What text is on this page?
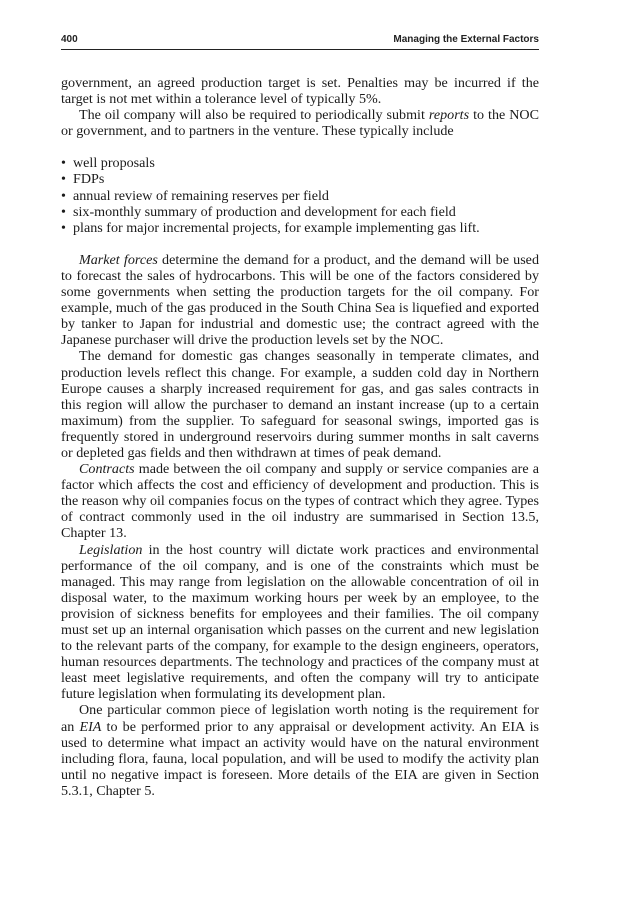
400	Managing the External Factors

government, an agreed production target is set. Penalties may be incurred if the target is not met within a tolerance level of typically 5%.

The oil company will also be required to periodically submit reports to the NOC or government, and to partners in the venture. These typically include

• well proposals
• FDPs
• annual review of remaining reserves per field
• six-monthly summary of production and development for each field
• plans for major incremental projects, for example implementing gas lift.

Market forces determine the demand for a product, and the demand will be used to forecast the sales of hydrocarbons. This will be one of the factors considered by some governments when setting the production targets for the oil company. For example, much of the gas produced in the South China Sea is liquefied and exported by tanker to Japan for industrial and domestic use; the contract agreed with the Japanese purchaser will drive the production levels set by the NOC.

The demand for domestic gas changes seasonally in temperate climates, and production levels reflect this change. For example, a sudden cold day in Northern Europe causes a sharply increased requirement for gas, and gas sales contracts in this region will allow the purchaser to demand an instant increase (up to a certain maximum) from the supplier. To safeguard for seasonal swings, imported gas is frequently stored in underground reservoirs during summer months in salt caverns or depleted gas fields and then withdrawn at times of peak demand.

Contracts made between the oil company and supply or service companies are a factor which affects the cost and efficiency of development and production. This is the reason why oil companies focus on the types of contract which they agree. Types of contract commonly used in the oil industry are summarised in Section 13.5, Chapter 13.

Legislation in the host country will dictate work practices and environmental performance of the oil company, and is one of the constraints which must be managed. This may range from legislation on the allowable concentration of oil in disposal water, to the maximum working hours per week by an employee, to the provision of sickness benefits for employees and their families. The oil company must set up an internal organisation which passes on the current and new legislation to the relevant parts of the company, for example to the design engineers, operators, human resources departments. The technology and practices of the company must at least meet legislative requirements, and often the company will try to anticipate future legislation when formulating its development plan.

One particular common piece of legislation worth noting is the requirement for an EIA to be performed prior to any appraisal or development activity. An EIA is used to determine what impact an activity would have on the natural environment including flora, fauna, local population, and will be used to modify the activity plan until no negative impact is foreseen. More details of the EIA are given in Section 5.3.1, Chapter 5.
